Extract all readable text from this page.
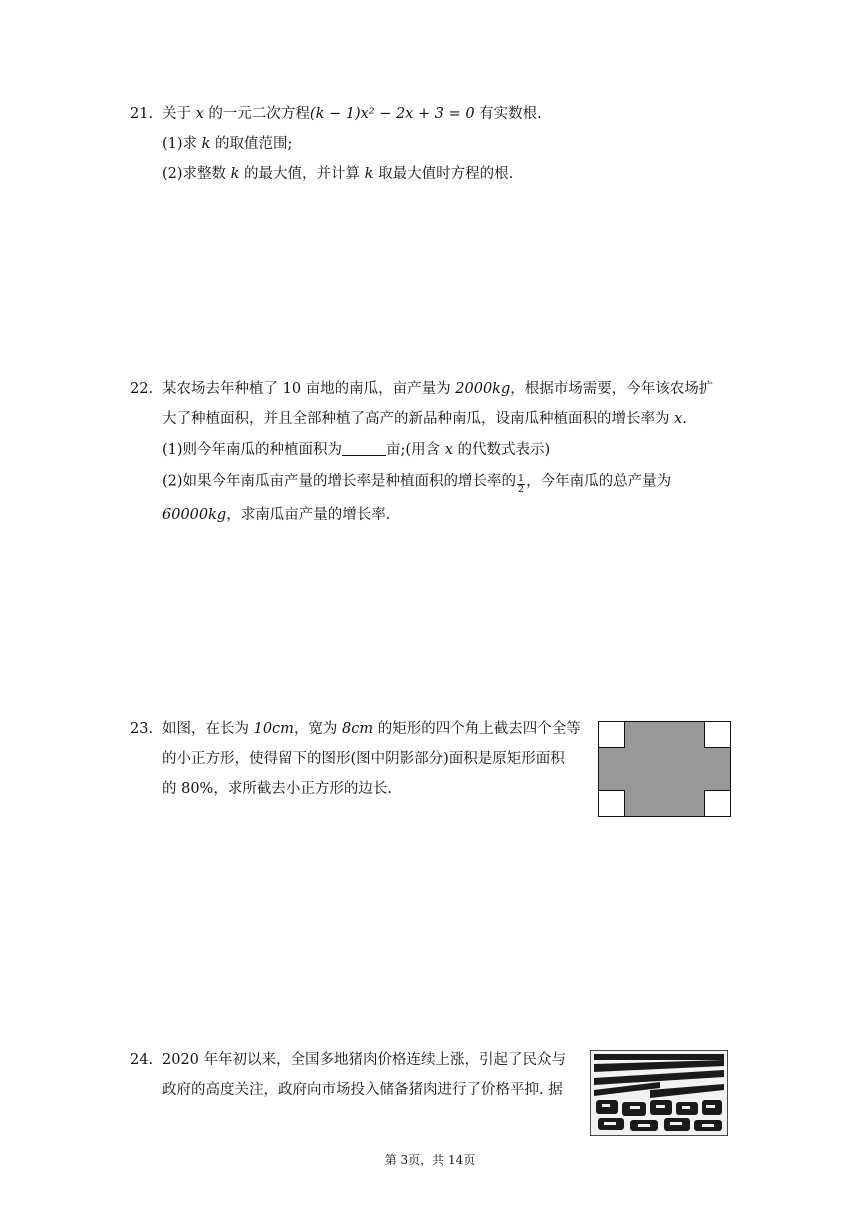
21. 关于 x 的一元二次方程(k − 1)x² − 2x + 3 = 0 有实数根.
(1)求 k 的取值范围;
(2)求整数 k 的最大值，并计算 k 取最大值时方程的根.
22. 某农场去年种植了 10 亩地的南瓜，亩产量为 2000kg，根据市场需要，今年该农场扩
大了种植面积，并且全部种植了高产的新品种南瓜，设南瓜种植面积的增长率为 x.
(1)则今年南瓜的种植面积为	亩;(用含 x 的代数式表示)
(2)如果今年南瓜亩产量的增长率是种植面积的增长率的 $\frac{1}{2}$ ，今年南瓜的总产量为
60000kg，求南瓜亩产量的增长率.
23. 如图，在长为 10cm，宽为 8cm 的矩形的四个角上截去四个全等
的小正方形，使得留下的图形(图中阴影部分)面积是原矩形面积
的 80%，求所截去小正方形的边长.
24. 2020 年年初以来，全国多地猪肉价格连续上涨，引起了民众与
政府的高度关注，政府向市场投入储备猪肉进行了价格平抑. 据
第 3页，共 14页
